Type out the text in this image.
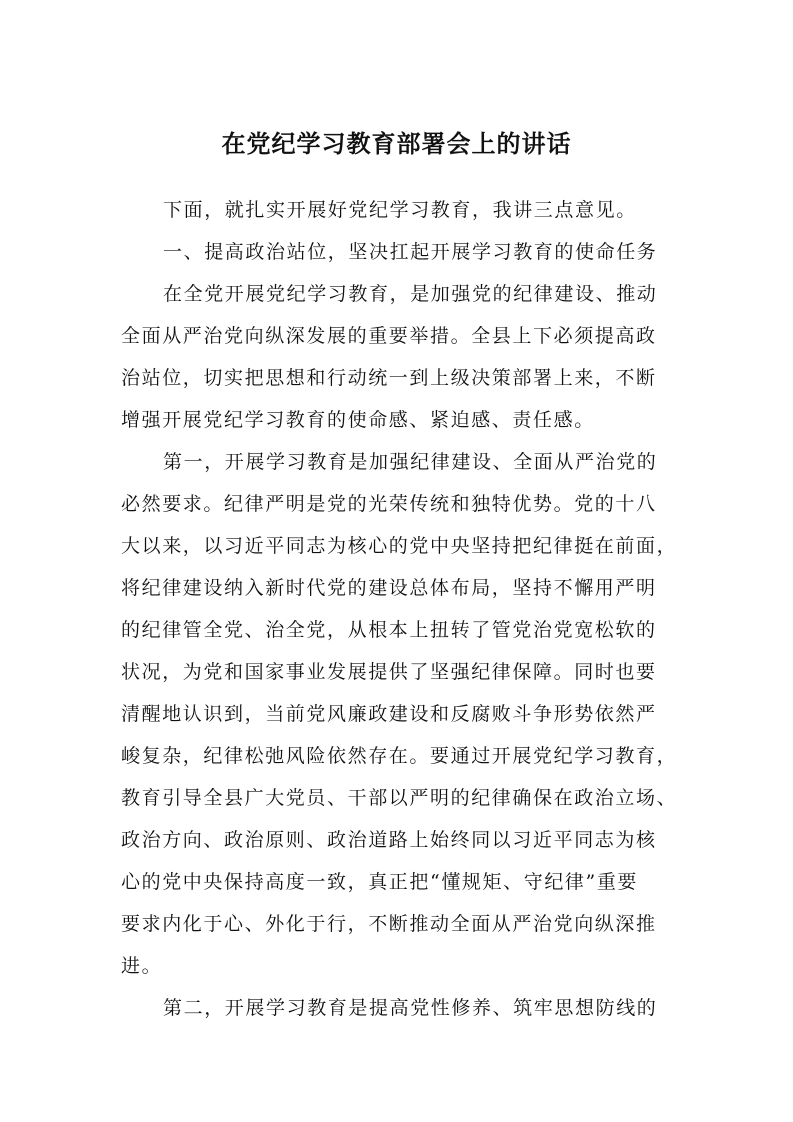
在党纪学习教育部署会上的讲话

下面，就扎实开展好党纪学习教育，我讲三点意见。

一、提高政治站位，坚决扛起开展学习教育的使命任务

在全党开展党纪学习教育，是加强党的纪律建设、推动

全面从严治党向纵深发展的重要举措。全县上下必须提高政

治站位，切实把思想和行动统一到上级决策部署上来，不断

增强开展党纪学习教育的使命感、紧迫感、责任感。

第一，开展学习教育是加强纪律建设、全面从严治党的

必然要求。纪律严明是党的光荣传统和独特优势。党的十八

大以来，以习近平同志为核心的党中央坚持把纪律挺在前面，

将纪律建设纳入新时代党的建设总体布局，坚持不懈用严明

的纪律管全党、治全党，从根本上扭转了管党治党宽松软的

状况，为党和国家事业发展提供了坚强纪律保障。同时也要

清醒地认识到，当前党风廉政建设和反腐败斗争形势依然严

峻复杂，纪律松弛风险依然存在。要通过开展党纪学习教育，

教育引导全县广大党员、干部以严明的纪律确保在政治立场、

政治方向、政治原则、政治道路上始终同以习近平同志为核

心的党中央保持高度一致，真正把“懂规矩、守纪律”重要

要求内化于心、外化于行，不断推动全面从严治党向纵深推

进。

第二，开展学习教育是提高党性修养、筑牢思想防线的
